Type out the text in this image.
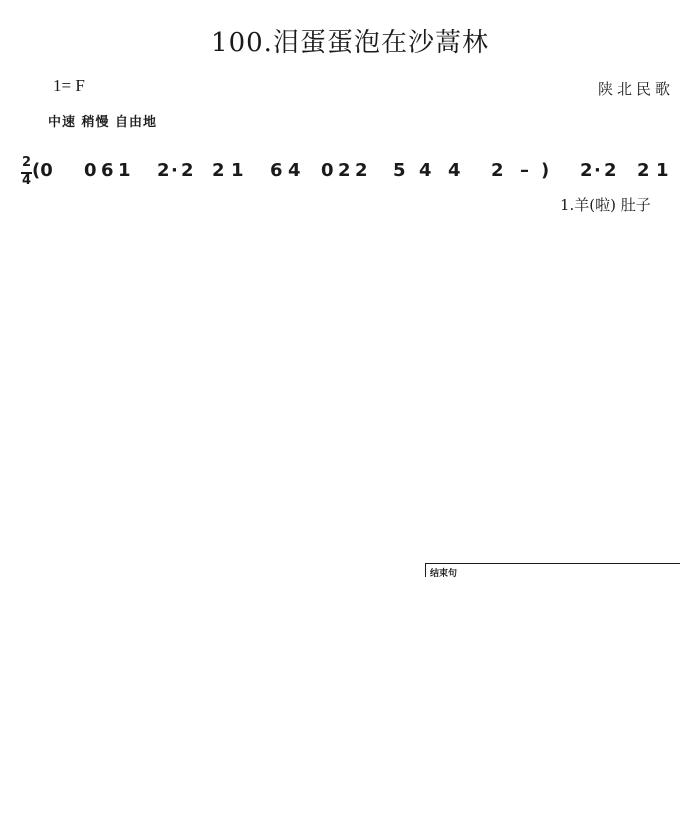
100.泪蛋蛋泡在沙蒿林
1= F	陕北民歌
中速 稍慢 自由地
2
4 (0 0 6 1 2 · 2 2 1 6 4 0 2 2 5 4 4 2 – ) 2 · 2 2 1
1.羊(啦) 肚子
结束句
